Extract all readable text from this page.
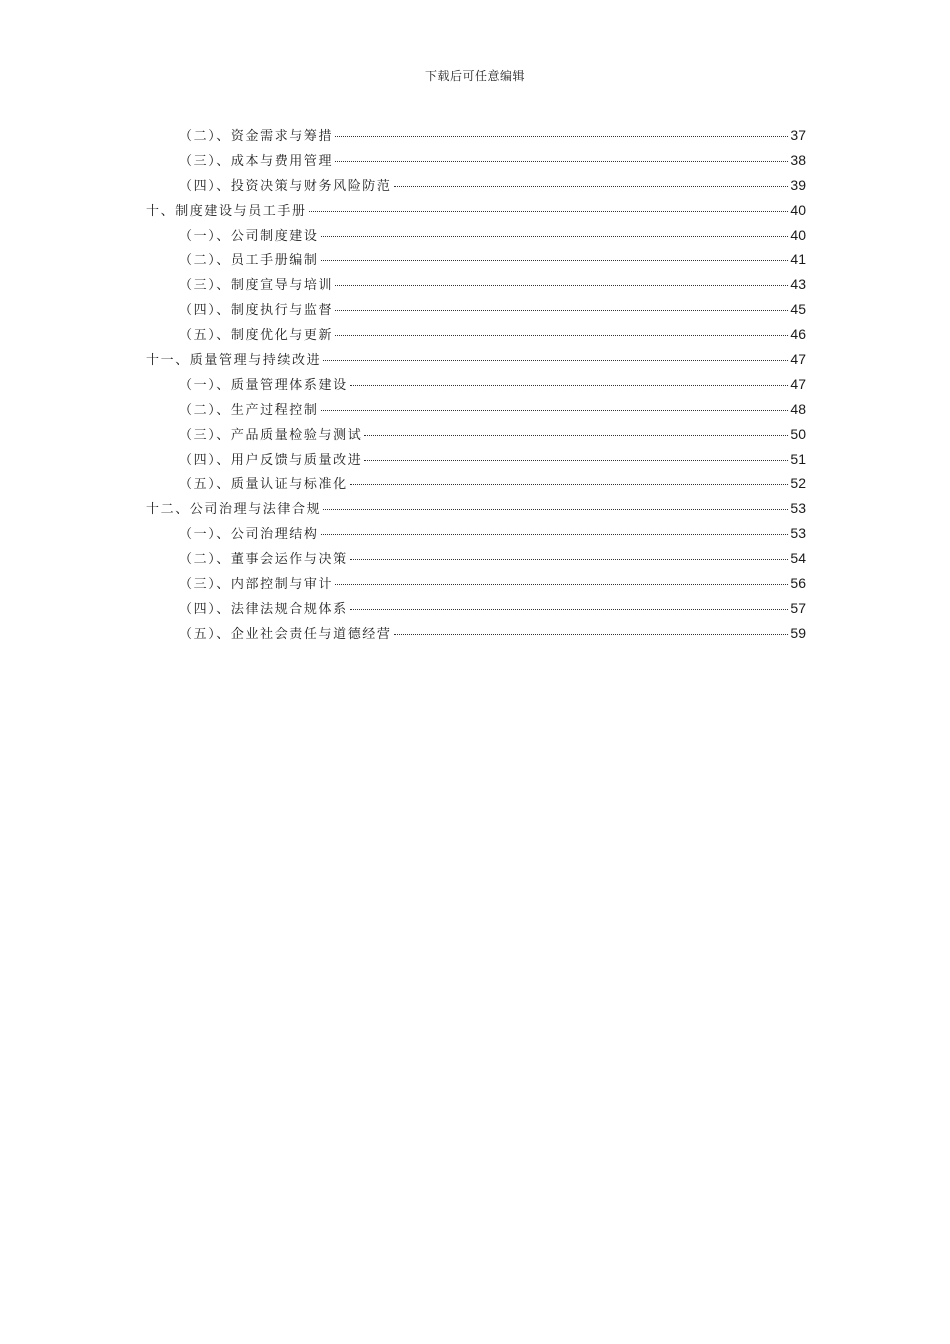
下载后可任意编辑
（二）、资金需求与筹措	37
（三）、成本与费用管理	38
（四）、投资决策与财务风险防范	39
十、制度建设与员工手册	40
（一）、公司制度建设	40
（二）、员工手册编制	41
（三）、制度宣导与培训	43
（四）、制度执行与监督	45
（五）、制度优化与更新	46
十一、质量管理与持续改进	47
（一）、质量管理体系建设	47
（二）、生产过程控制	48
（三）、产品质量检验与测试	50
（四）、用户反馈与质量改进	51
（五）、质量认证与标准化	52
十二、公司治理与法律合规	53
（一）、公司治理结构	53
（二）、董事会运作与决策	54
（三）、内部控制与审计	56
（四）、法律法规合规体系	57
（五）、企业社会责任与道德经营	59
